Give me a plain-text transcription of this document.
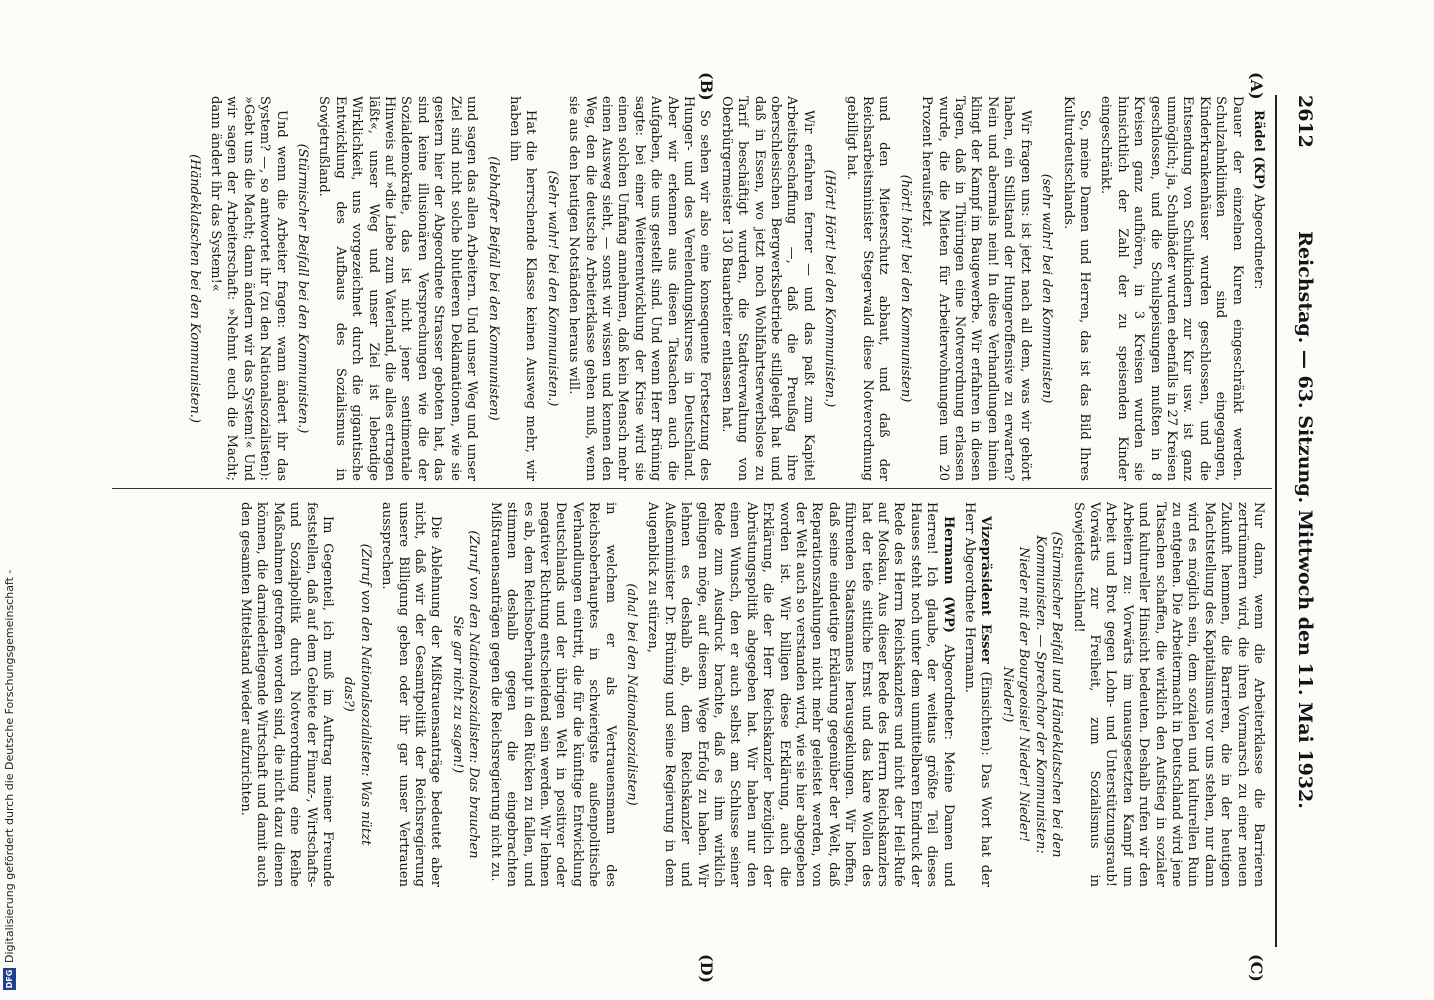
2612
Reichstag. — 63. Sitzung. Mittwoch den 11. Mai 1932.
(A)
(B)
(C)
(D)

Rädel (KP) Abgeordneter:

Dauer der einzelnen Kuren eingeschränkt werden. Schulzahnkliniken sind eingegangen, Kinderkrankenhäuser wurden geschlossen, und die Entsendung von Schulkindern zur Kur usw. ist ganz unmöglich; ja, Schulbäder wurden ebenfalls in 27 Kreisen geschlossen, und die Schulspeisungen mußten in 8 Kreisen ganz aufhören, in 3 Kreisen wurden sie hinsichtlich der Zahl der zu speisenden Kinder eingeschränkt.

So, meine Damen und Herren, das ist das Bild Ihres Kulturdeutschlands.

(sehr wahr! bei den Kommunisten)

Wir fragen uns: ist jetzt nach all dem, was wir gehört haben, ein Stillstand der Hungeroffensive zu erwarten? Nein und abermals nein! In diese Verhandlungen hinein klingt der Kampf im Baugewerbe. Wir erfahren in diesen Tagen, daß in Thüringen eine Notverordnung erlassen wurde, die die Mieten für Arbeiterwohnungen um 20 Prozent heraufsetzt

(hört! hört! bei den Kommunisten)

und den Mieterschutz abbaut, und daß der Reichsarbeitsminister Stegerwald diese Notverordnung gebilligt hat.

(Hört! Hört! bei den Kommunisten.)

Wir erfahren ferner — und das paßt zum Kapitel Arbeitsbeschaffung —, daß die Preußag ihre oberschlesischen Bergwerksbetriebe stillgelegt hat und daß in Essen, wo jetzt noch Wohlfahrtserwerbslose zu Tarif beschäftigt wurden, die Stadtverwaltung von Oberbürgermeister 130 Bauarbeiter entlassen hat.

So sehen wir also eine konsequente Fortsetzung des Hunger- und des Verelendungskurses in Deutschland. Aber wir erkennen aus diesen Tatsachen auch die Aufgaben, die uns gestellt sind. Und wenn Herr Brüning sagte: bei einer Weiterentwicklung der Krise wird sie einen solchen Umfang annehmen, daß kein Mensch mehr einen Ausweg sieht, — sonst wir wissen und kennen den Weg, den die deutsche Arbeiterklasse gehen muß, wenn sie aus den heutigen Notständen heraus will.

(Sehr wahr! bei den Kommunisten.)

Hat die herrschende Klasse keinen Ausweg mehr, wir haben ihn

(lebhafter Beifall bei den Kommunisten)

und sagen das allen Arbeitern. Und unser Weg und unser Ziel sind nicht solche blutleeren Deklamationen, wie sie gestern hier der Abgeordnete Strasser geboten hat, das sind keine illusionären Versprechungen wie die der Sozialdemokratie, das ist nicht jener sentimentale Hinweis auf »die Liebe zum Vaterland, die alles ertragen läßt«, unser Weg und unser Ziel ist lebendige Wirklichkeit, uns vorgezeichnet durch die gigantische Entwicklung des Aufbaus des Sozialismus in Sowjetrußland.

(Stürmischer Beifall bei den Kommunisten.)

Und wenn die Arbeiter fragen: wann ändert ihr das System? —, so antwortet ihr (zu den Nationalsozialisten): »Gebt uns die Macht; dann ändern wir das System!« Und wir sagen der Arbeiterschaft: »Nehmt euch die Macht; dann ändert ihr das System!«

(Händeklatschen bei den Kommunisten.)

Nur dann, wenn die Arbeiterklasse die Barrieren zertrümmern wird, die ihren Vormarsch zu einer neuen Zukunft hemmen, die Barrieren, die in der heutigen Machtstellung des Kapitalismus vor uns stehen, nur dann wird es möglich sein, dem sozialen und kulturellen Ruin zu entgehen. Die Arbeitermacht in Deutschland wird jene Tatsachen schaffen, die wirklich den Aufstieg in sozialer und kultureller Hinsicht bedeuten. Deshalb rufen wir den Arbeitern zu: Vorwärts im unausgesetzten Kampf um Arbeit und Brot gegen Lohn- und Unterstützungsraub! Vorwärts zur Freiheit, zum Sozialismus in Sowjetdeutschland!

(Stürmischer Beifall und Händeklatschen bei den Kommunisten. — Sprechchor der Kommunisten: Nieder mit der Bourgeoisie! Nieder! Nieder! Nieder!)

Vizepräsident Esser (Einsichten): Das Wort hat der Herr Abgeordnete Hermann.

Hermann (WP) Abgeordneter: Meine Damen und Herren! Ich glaube, der weitaus größte Teil dieses Hauses steht noch unter dem unmittelbaren Eindruck der Rede des Herrn Reichskanzlers und nicht der Heil-Rufe auf Moskau. Aus dieser Rede des Herrn Reichskanzlers hat der tiefe sittliche Ernst und das klare Wollen des führenden Staatsmannes herausgeklungen. Wir hoffen, daß seine eindeutige Erklärung gegenüber der Welt, daß Reparationszahlungen nicht mehr geleistet werden, von der Welt auch so verstanden wird, wie sie hier abgegeben worden ist. Wir billigen diese Erklärung, auch die Erklärung, die der Herr Reichskanzler bezüglich der Abrüstungspolitik abgegeben hat. Wir haben nur den einen Wunsch, den er auch selbst am Schlusse seiner Rede zum Ausdruck brachte, daß es ihm wirklich gelingen möge, auf diesem Wege Erfolg zu haben. Wir lehnen es deshalb ab, dem Reichskanzler und Außenminister Dr. Brüning und seine Regierung in dem Augenblick zu stürzen,

(aha! bei den Nationalsozialisten)

in welchem er als Vertrauensmann des Reichsoberhauptes in schwierigste außenpolitische Verhandlungen eintritt, die für die künftige Entwicklung Deutschlands und der übrigen Welt in positiver oder negativer Richtung entscheidend sein werden. Wir lehnen es ab, dem Reichsoberhaupt in den Rücken zu fallen, und stimmen deshalb gegen die eingebrachten Mißtrauensanträgen gegen die Reichsregierung nicht zu.

(Zuruf von den Nationalsozialisten: Das brauchen Sie gar nicht zu sagen!)

Die Ablehnung der Mißtrauensanträge bedeutet aber nicht, daß wir der Gesamtpolitik der Reichsregierung unsere Billigung geben oder ihr gar unser Vertrauen aussprechen.

(Zuruf von den Nationalsozialisten: Was nützt das?)

Im Gegenteil, ich muß im Auftrag meiner Freunde feststellen, daß auf dem Gebiete der Finanz-, Wirtschafts- und Sozialpolitik durch Notverordnung eine Reihe Maßnahmen getroffen worden sind, die nicht dazu dienen können, die darniederliegende Wirtschaft und damit auch den gesamten Mittelstand wieder aufzurichten.

DFG
Digitalisierung gefördert durch die Deutsche Forschungsgemeinschaft -
